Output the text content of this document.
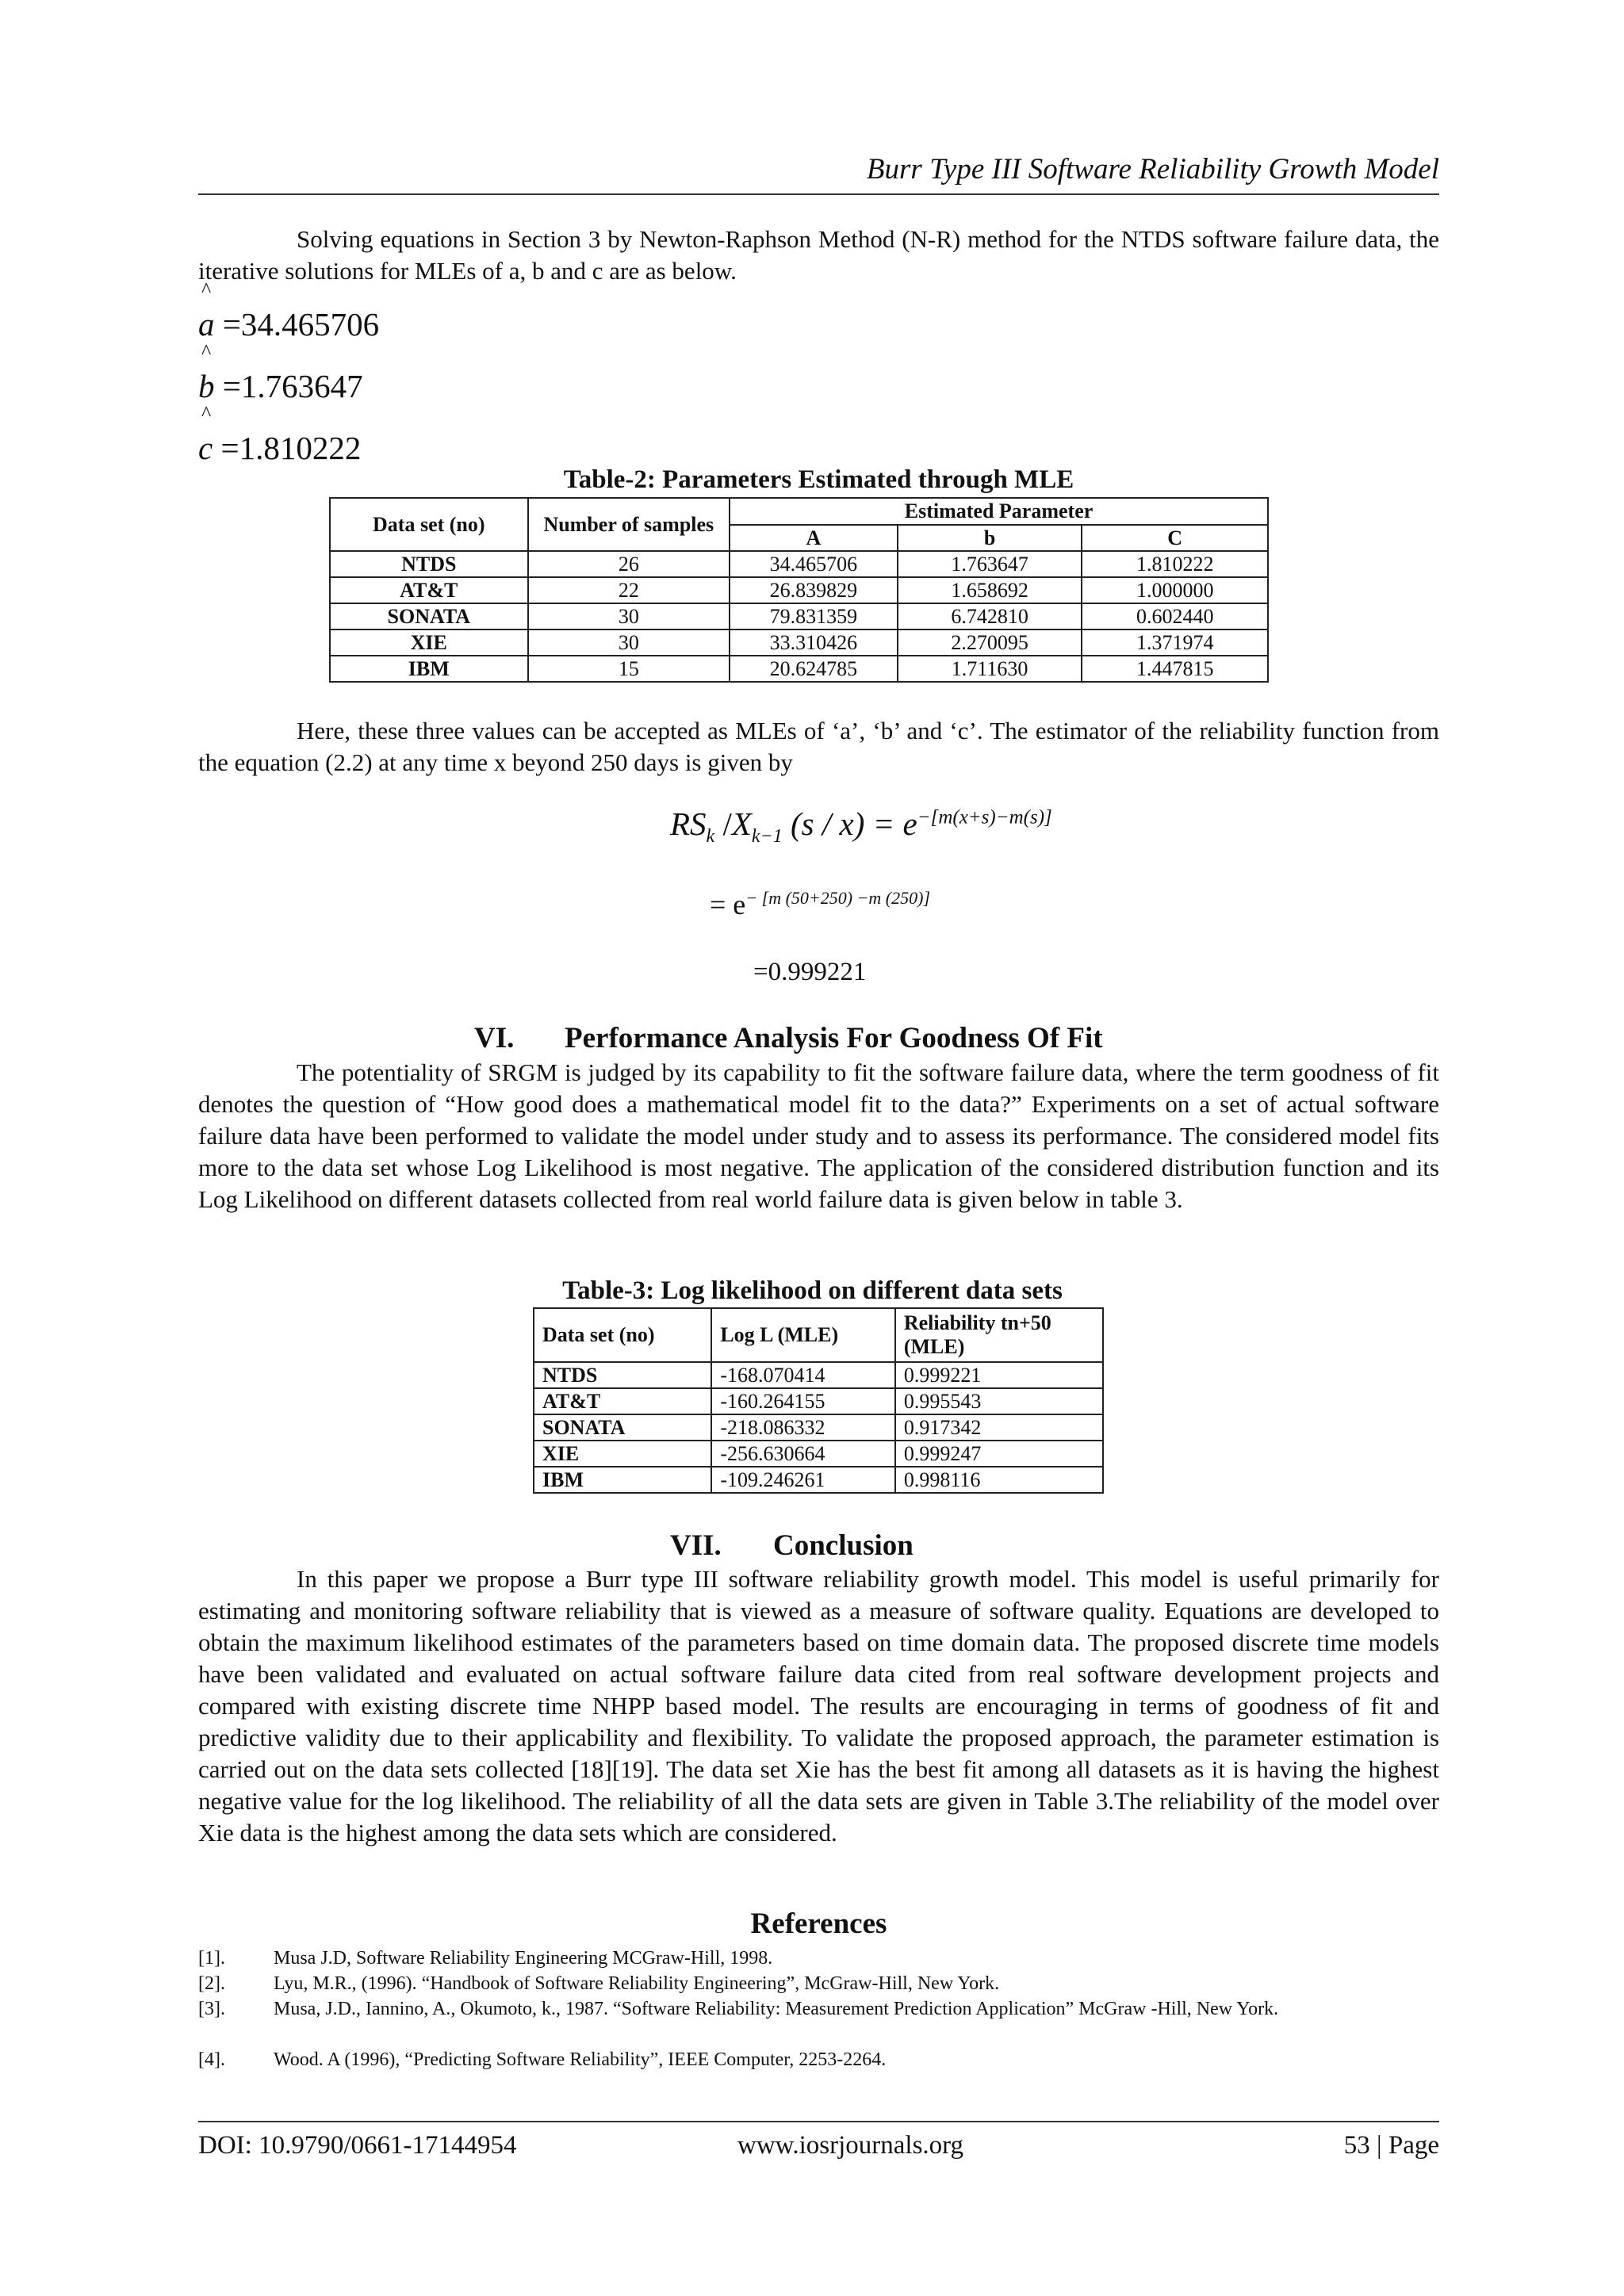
Burr Type III Software Reliability Growth Model

Solving equations in Section 3 by Newton-Raphson Method (N-R) method for the NTDS software failure data, the iterative solutions for MLEs of a, b and c are as below.

^
a =34.465706
^
b =1.763647
^
c =1.810222
Table-2: Parameters Estimated through MLE
Data set (no)	Number of samples	Estimated Parameter		
		A	b	C
NTDS	26	34.465706	1.763647	1.810222
AT&T	22	26.839829	1.658692	1.000000
SONATA	30	79.831359	6.742810	0.602440
XIE	30	33.310426	2.270095	1.371974
IBM	15	20.624785	1.711630	1.447815

Here, these three values can be accepted as MLEs of ‘a’, ‘b’ and ‘c’. The estimator of the reliability function from the equation (2.2) at any time x beyond 250 days is given by

$RS_k$ $/X_{k-1}$ $(s / x) = e^{-[m(x+s)-m(s)]}$
= $e^{- [m (50+250) -m (250)]}$
=0.999221
VI. Performance Analysis For Goodness Of Fit

The potentiality of SRGM is judged by its capability to fit the software failure data, where the term goodness of fit denotes the question of “How good does a mathematical model fit to the data?” Experiments on a set of actual software failure data have been performed to validate the model under study and to assess its performance. The considered model fits more to the data set whose Log Likelihood is most negative. The application of the considered distribution function and its Log Likelihood on different datasets collected from real world failure data is given below in table 3.

Table-3: Log likelihood on different data sets
Data set (no)	Log L (MLE)	Reliability tn+50 (MLE)
NTDS	-168.070414	0.999221
AT&T	-160.264155	0.995543
SONATA	-218.086332	0.917342
XIE	-256.630664	0.999247
IBM	-109.246261	0.998116
VII. Conclusion

In this paper we propose a Burr type III software reliability growth model. This model is useful primarily for estimating and monitoring software reliability that is viewed as a measure of software quality. Equations are developed to obtain the maximum likelihood estimates of the parameters based on time domain data. The proposed discrete time models have been validated and evaluated on actual software failure data cited from real software development projects and compared with existing discrete time NHPP based model. The results are encouraging in terms of goodness of fit and predictive validity due to their applicability and flexibility. To validate the proposed approach, the parameter estimation is carried out on the data sets collected [18][19]. The data set Xie has the best fit among all datasets as it is having the highest negative value for the log likelihood. The reliability of all the data sets are given in Table 3.The reliability of the model over Xie data is the highest among the data sets which are considered.

References
[1].	Musa J.D, Software Reliability Engineering MCGraw-Hill, 1998.
[2].	Lyu, M.R., (1996). “Handbook of Software Reliability Engineering”, McGraw-Hill, New York.
[3].	Musa, J.D., Iannino, A., Okumoto, k., 1987. “Software Reliability: Measurement Prediction Application” McGraw -Hill, New York.
[4].	Wood. A (1996), “Predicting Software Reliability”, IEEE Computer, 2253-2264.
DOI: 10.9790/0661-17144954	www.iosrjournals.org	53 | Page
